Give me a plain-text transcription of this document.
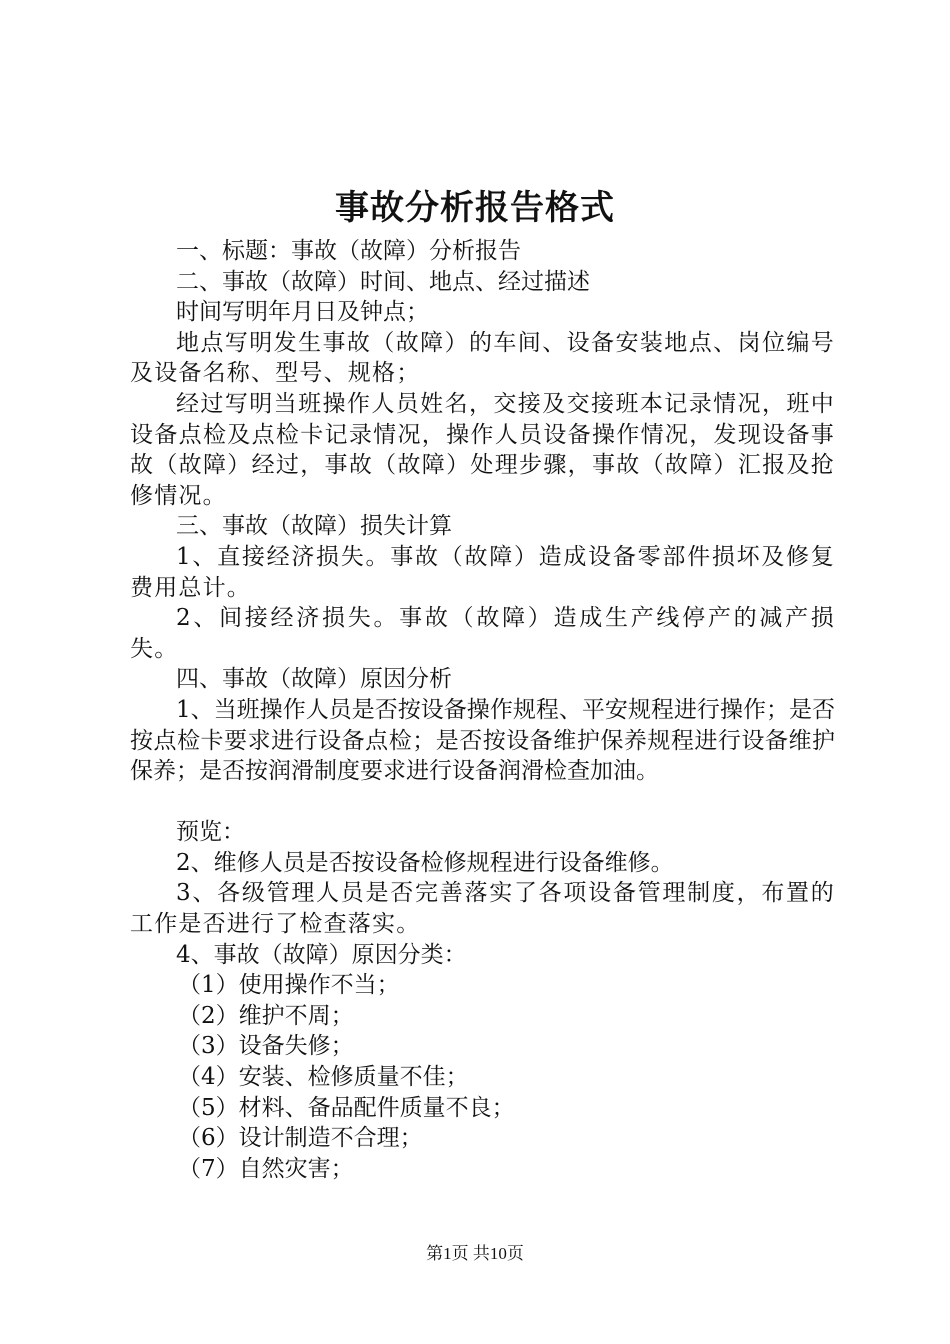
事故分析报告格式

一、标题：事故（故障）分析报告

二、事故（故障）时间、地点、经过描述

时间写明年月日及钟点；

地点写明发生事故（故障）的车间、设备安装地点、岗位编号及设备名称、型号、规格；

经过写明当班操作人员姓名，交接及交接班本记录情况，班中设备点检及点检卡记录情况，操作人员设备操作情况，发现设备事故（故障）经过，事故（故障）处理步骤，事故（故障）汇报及抢修情况。

三、事故（故障）损失计算

1、直接经济损失。事故（故障）造成设备零部件损坏及修复费用总计。

2、间接经济损失。事故（故障）造成生产线停产的减产损失。

四、事故（故障）原因分析

1、当班操作人员是否按设备操作规程、平安规程进行操作；是否按点检卡要求进行设备点检；是否按设备维护保养规程进行设备维护保养；是否按润滑制度要求进行设备润滑检查加油。

预览：

2、维修人员是否按设备检修规程进行设备维修。

3、各级管理人员是否完善落实了各项设备管理制度，布置的工作是否进行了检查落实。

4、事故（故障）原因分类：

（1）使用操作不当；

（2）维护不周；

（3）设备失修；

（4）安装、检修质量不佳；

（5）材料、备品配件质量不良；

（6）设计制造不合理；

（7）自然灾害；

第1页 共10页
